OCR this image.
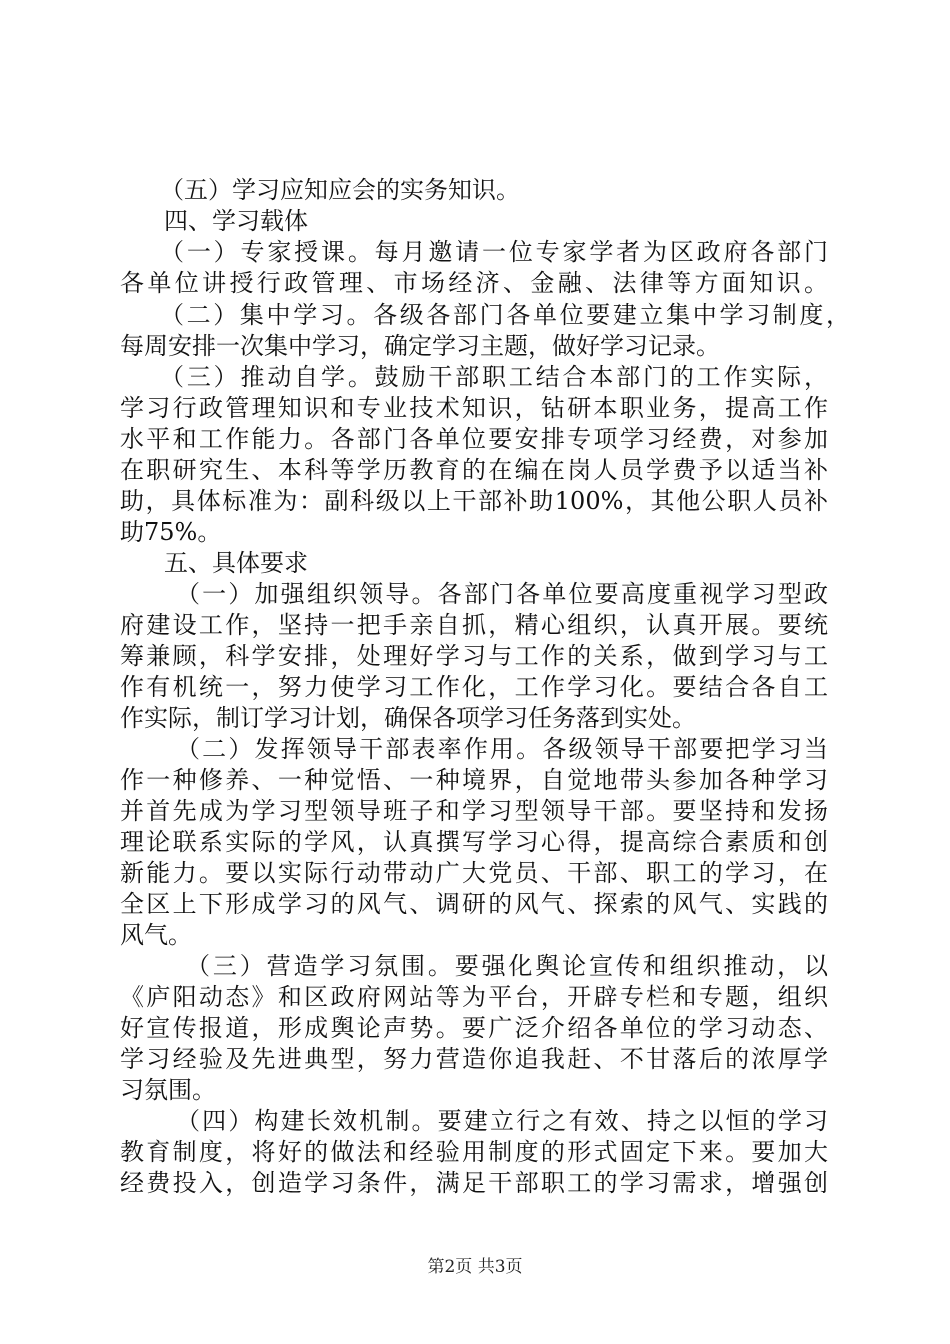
（五）学习应知应会的实务知识。
四、学习载体
（一）专家授课。每月邀请一位专家学者为区政府各部门
各单位讲授行政管理、市场经济、金融、法律等方面知识。
（二）集中学习。各级各部门各单位要建立集中学习制度，
每周安排一次集中学习，确定学习主题，做好学习记录。
（三）推动自学。鼓励干部职工结合本部门的工作实际，
学习行政管理知识和专业技术知识，钻研本职业务，提高工作
水平和工作能力。各部门各单位要安排专项学习经费，对参加
在职研究生、本科等学历教育的在编在岗人员学费予以适当补
助，具体标准为：副科级以上干部补助100%，其他公职人员补
助75%。
五、具体要求
（一）加强组织领导。各部门各单位要高度重视学习型政
府建设工作，坚持一把手亲自抓，精心组织，认真开展。要统
筹兼顾，科学安排，处理好学习与工作的关系，做到学习与工
作有机统一，努力使学习工作化，工作学习化。要结合各自工
作实际，制订学习计划，确保各项学习任务落到实处。
（二）发挥领导干部表率作用。各级领导干部要把学习当
作一种修养、一种觉悟、一种境界，自觉地带头参加各种学习
并首先成为学习型领导班子和学习型领导干部。要坚持和发扬
理论联系实际的学风，认真撰写学习心得，提高综合素质和创
新能力。要以实际行动带动广大党员、干部、职工的学习，在
全区上下形成学习的风气、调研的风气、探索的风气、实践的
风气。
（三）营造学习氛围。要强化舆论宣传和组织推动，以
《庐阳动态》和区政府网站等为平台，开辟专栏和专题，组织
好宣传报道，形成舆论声势。要广泛介绍各单位的学习动态、
学习经验及先进典型，努力营造你追我赶、不甘落后的浓厚学
习氛围。
（四）构建长效机制。要建立行之有效、持之以恒的学习
教育制度，将好的做法和经验用制度的形式固定下来。要加大
经费投入，创造学习条件，满足干部职工的学习需求，增强创
第2页 共3页
